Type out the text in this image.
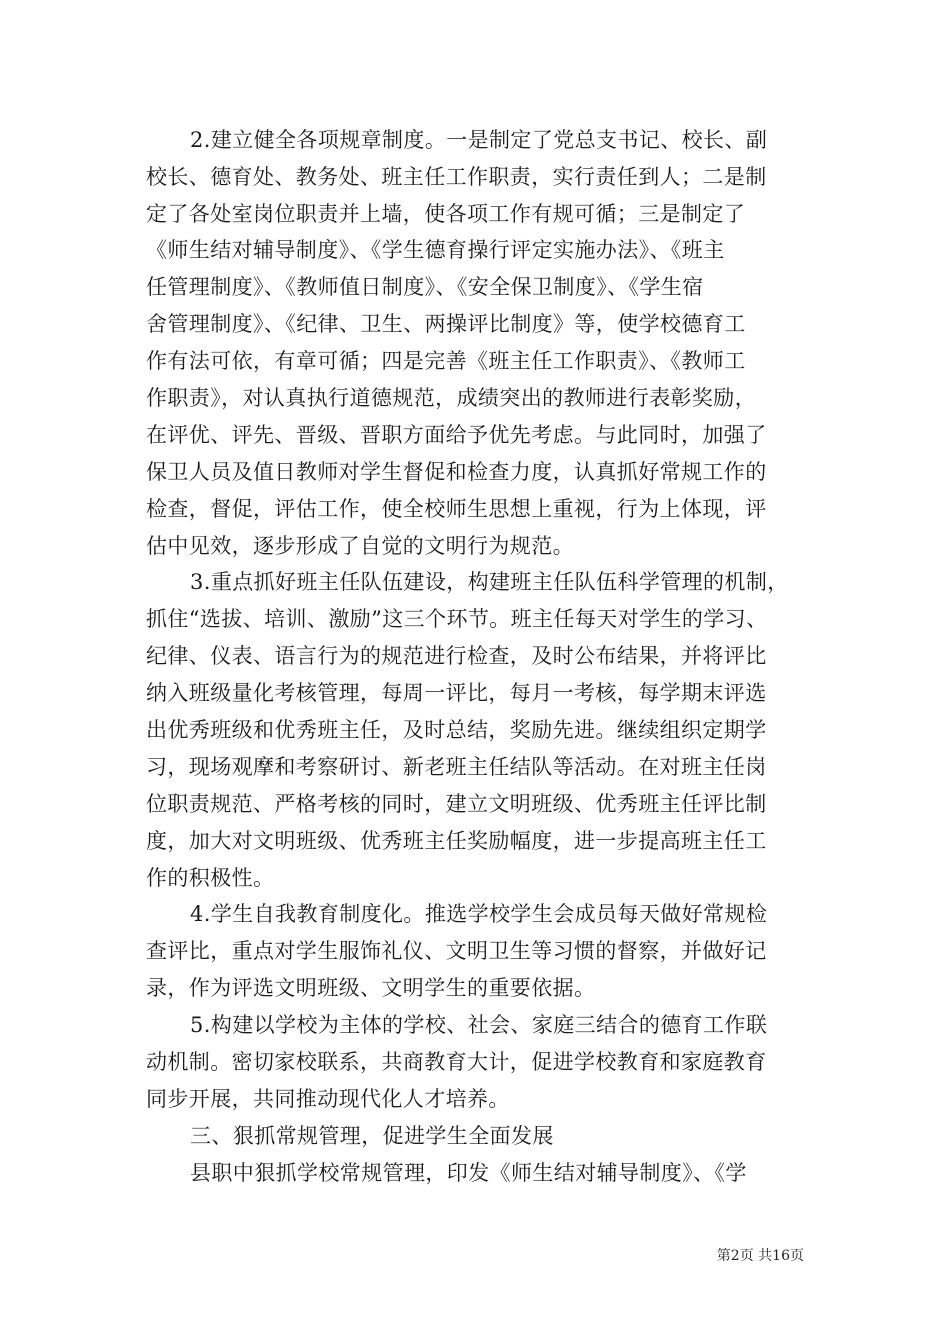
2.建立健全各项规章制度。一是制定了党总支书记、校长、副
校长、德育处、教务处、班主任工作职责，实行责任到人；二是制
定了各处室岗位职责并上墙，使各项工作有规可循；三是制定了
《师生结对辅导制度》、《学生德育操行评定实施办法》、《班主
任管理制度》、《教师值日制度》、《安全保卫制度》、《学生宿
舍管理制度》、《纪律、卫生、两操评比制度》等，使学校德育工
作有法可依，有章可循；四是完善《班主任工作职责》、《教师工
作职责》，对认真执行道德规范，成绩突出的教师进行表彰奖励，
在评优、评先、晋级、晋职方面给予优先考虑。与此同时，加强了
保卫人员及值日教师对学生督促和检查力度，认真抓好常规工作的
检查，督促，评估工作，使全校师生思想上重视，行为上体现，评
估中见效，逐步形成了自觉的文明行为规范。
3.重点抓好班主任队伍建设，构建班主任队伍科学管理的机制，
抓住“选拔、培训、激励”这三个环节。班主任每天对学生的学习、
纪律、仪表、语言行为的规范进行检查，及时公布结果，并将评比
纳入班级量化考核管理，每周一评比，每月一考核，每学期末评选
出优秀班级和优秀班主任，及时总结，奖励先进。继续组织定期学
习，现场观摩和考察研讨、新老班主任结队等活动。在对班主任岗
位职责规范、严格考核的同时，建立文明班级、优秀班主任评比制
度，加大对文明班级、优秀班主任奖励幅度，进一步提高班主任工
作的积极性。
4.学生自我教育制度化。推选学校学生会成员每天做好常规检
查评比，重点对学生服饰礼仪、文明卫生等习惯的督察，并做好记
录，作为评选文明班级、文明学生的重要依据。
5.构建以学校为主体的学校、社会、家庭三结合的德育工作联
动机制。密切家校联系，共商教育大计，促进学校教育和家庭教育
同步开展，共同推动现代化人才培养。
三、狠抓常规管理，促进学生全面发展
县职中狠抓学校常规管理，印发《师生结对辅导制度》、《学
第2页 共16页
